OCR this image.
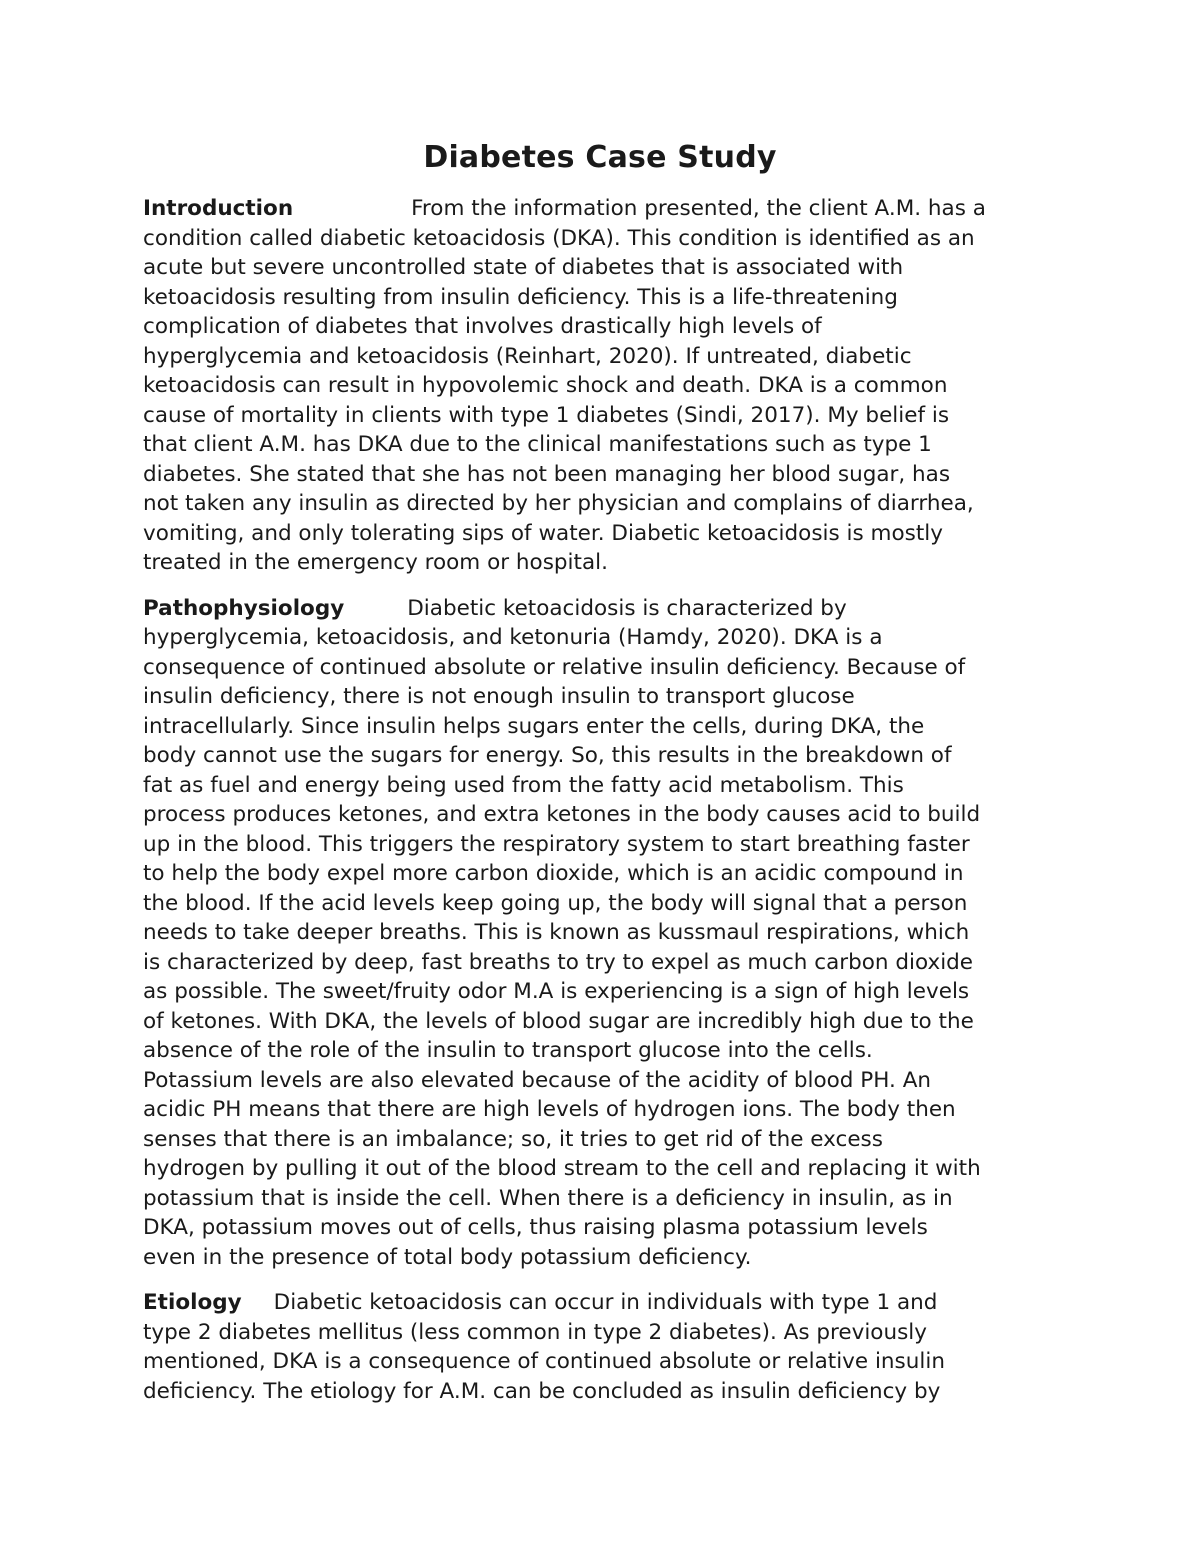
Diabetes Case Study
Introduction	From the information presented, the client A.M. has a
condition called diabetic ketoacidosis (DKA). This condition is identified as an
acute but severe uncontrolled state of diabetes that is associated with
ketoacidosis resulting from insulin deficiency. This is a life-threatening
complication of diabetes that involves drastically high levels of
hyperglycemia and ketoacidosis (Reinhart, 2020). If untreated, diabetic
ketoacidosis can result in hypovolemic shock and death. DKA is a common
cause of mortality in clients with type 1 diabetes (Sindi, 2017). My belief is
that client A.M. has DKA due to the clinical manifestations such as type 1
diabetes. She stated that she has not been managing her blood sugar, has
not taken any insulin as directed by her physician and complains of diarrhea,
vomiting, and only tolerating sips of water. Diabetic ketoacidosis is mostly
treated in the emergency room or hospital.
Pathophysiology	Diabetic ketoacidosis is characterized by
hyperglycemia, ketoacidosis, and ketonuria (Hamdy, 2020). DKA is a
consequence of continued absolute or relative insulin deficiency. Because of
insulin deficiency, there is not enough insulin to transport glucose
intracellularly. Since insulin helps sugars enter the cells, during DKA, the
body cannot use the sugars for energy. So, this results in the breakdown of
fat as fuel and energy being used from the fatty acid metabolism. This
process produces ketones, and extra ketones in the body causes acid to build
up in the blood. This triggers the respiratory system to start breathing faster
to help the body expel more carbon dioxide, which is an acidic compound in
the blood. If the acid levels keep going up, the body will signal that a person
needs to take deeper breaths. This is known as kussmaul respirations, which
is characterized by deep, fast breaths to try to expel as much carbon dioxide
as possible. The sweet/fruity odor M.A is experiencing is a sign of high levels
of ketones. With DKA, the levels of blood sugar are incredibly high due to the
absence of the role of the insulin to transport glucose into the cells.
Potassium levels are also elevated because of the acidity of blood PH. An
acidic PH means that there are high levels of hydrogen ions. The body then
senses that there is an imbalance; so, it tries to get rid of the excess
hydrogen by pulling it out of the blood stream to the cell and replacing it with
potassium that is inside the cell. When there is a deficiency in insulin, as in
DKA, potassium moves out of cells, thus raising plasma potassium levels
even in the presence of total body potassium deficiency.
Etiology Diabetic ketoacidosis can occur in individuals with type 1 and
type 2 diabetes mellitus (less common in type 2 diabetes). As previously
mentioned, DKA is a consequence of continued absolute or relative insulin
deficiency. The etiology for A.M. can be concluded as insulin deficiency by
